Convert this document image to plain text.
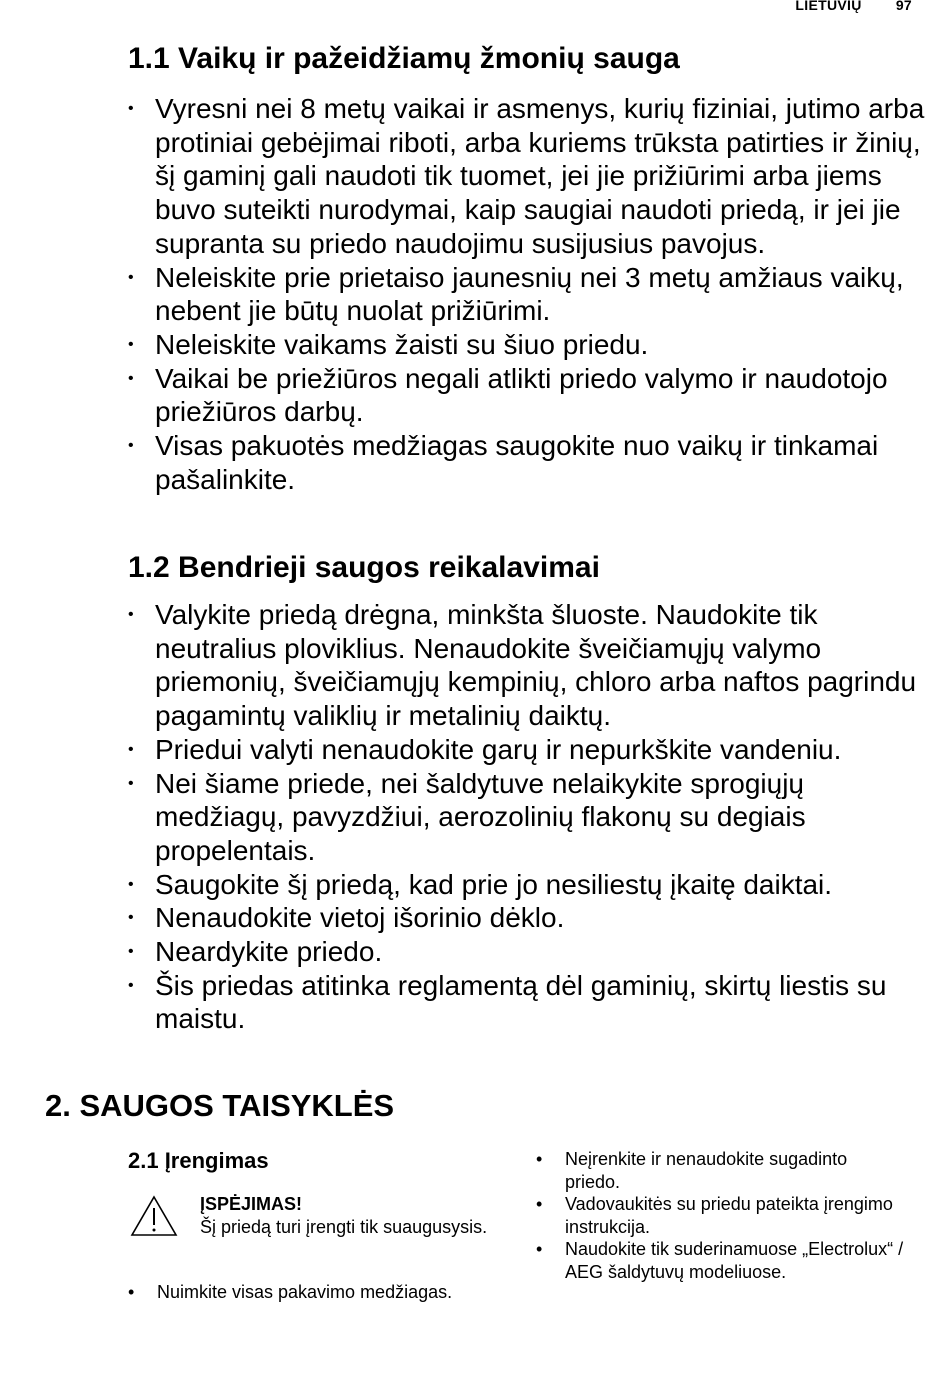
LIETUVIŲ 97
1.1 Vaikų ir pažeidžiamų žmonių sauga
• Vyresni nei 8 metų vaikai ir asmenys, kurių fiziniai, jutimo arba protiniai gebėjimai riboti, arba kuriems trūksta patirties ir žinių, šį gaminį gali naudoti tik tuomet, jei jie prižiūrimi arba jiems buvo suteikti nurodymai, kaip saugiai naudoti priedą, ir jei jie supranta su priedo naudojimu susijusius pavojus.
• Neleiskite prie prietaiso jaunesnių nei 3 metų amžiaus vaikų, nebent jie būtų nuolat prižiūrimi.
• Neleiskite vaikams žaisti su šiuo priedu.
• Vaikai be priežiūros negali atlikti priedo valymo ir naudotojo priežiūros darbų.
• Visas pakuotės medžiagas saugokite nuo vaikų ir tinkamai pašalinkite.
1.2 Bendrieji saugos reikalavimai
• Valykite priedą drėgna, minkšta šluoste. Naudokite tik neutralius ploviklius. Nenaudokite šveičiamųjų valymo priemonių, šveičiamųjų kempinių, chloro arba naftos pagrindu pagamintų valiklių ir metalinių daiktų.
• Priedui valyti nenaudokite garų ir nepurkškite vandeniu.
• Nei šiame priede, nei šaldytuve nelaikykite sprogiųjų medžiagų, pavyzdžiui, aerozolinių flakonų su degiais propelentais.
• Saugokite šį priedą, kad prie jo nesiliestų įkaitę daiktai.
• Nenaudokite vietoj išorinio dėklo.
• Neardykite priedo.
• Šis priedas atitinka reglamentą dėl gaminių, skirtų liestis su maistu.
2. SAUGOS TAISYKLĖS
2.1 Įrengimas
ĮSPĖJIMAS!
Šį priedą turi įrengti tik suaugusysis.
• Nuimkite visas pakavimo medžiagas.
• Neįrenkite ir nenaudokite sugadinto priedo.
• Vadovaukitės su priedu pateikta įrengimo instrukcija.
• Naudokite tik suderinamuose „Electrolux“ / AEG šaldytuvų modeliuose.
